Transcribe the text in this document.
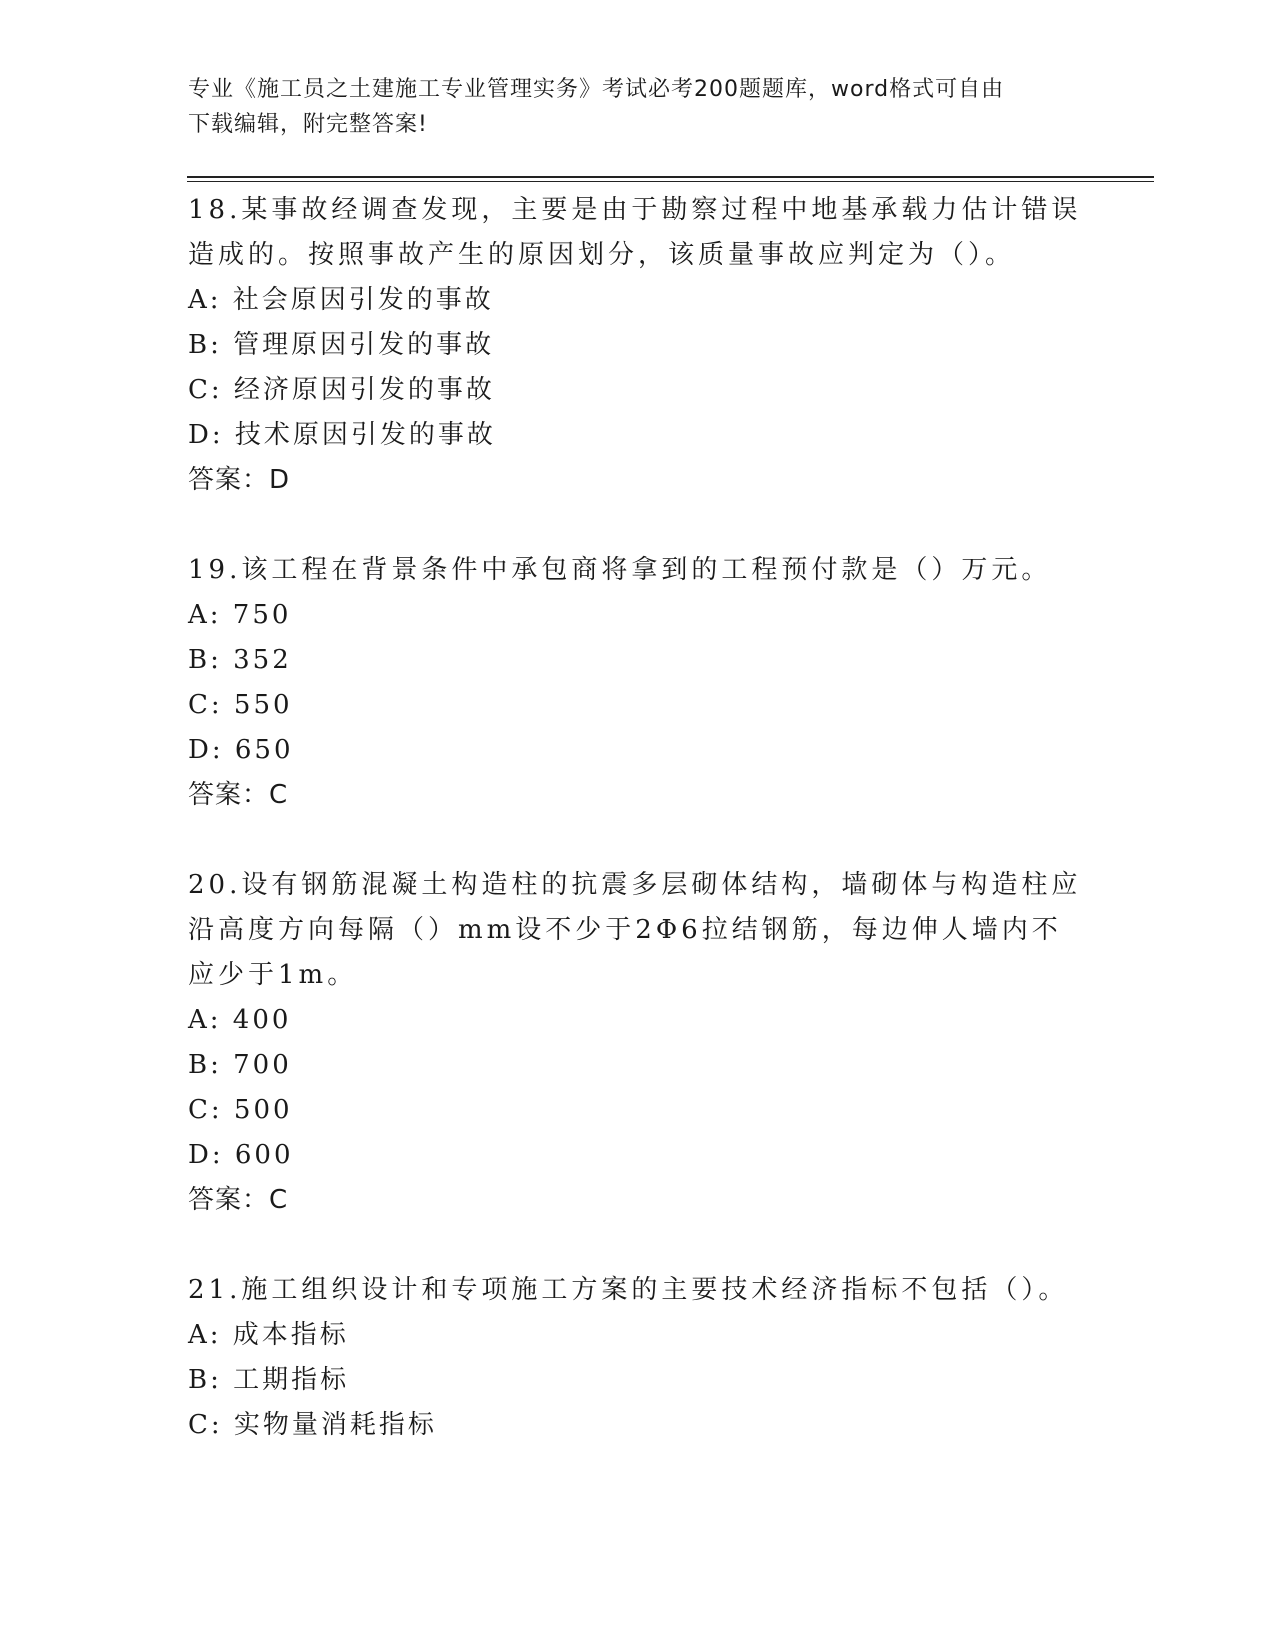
专业《施工员之土建施工专业管理实务》考试必考200题题库，word格式可自由
下载编辑，附完整答案!

18.某事故经调查发现，主要是由于勘察过程中地基承载力估计错误造成的。按照事故产生的原因划分，该质量事故应判定为（）。

A: 社会原因引发的事故

B: 管理原因引发的事故

C: 经济原因引发的事故

D: 技术原因引发的事故

答案：D

19.该工程在背景条件中承包商将拿到的工程预付款是（）万元。

A: 750

B: 352

C: 550

D: 650

答案：C

20.设有钢筋混凝土构造柱的抗震多层砌体结构，墙砌体与构造柱应沿高度方向每隔（）mm设不少于2Φ6拉结钢筋，每边伸人墙内不应少于1m。

A: 400

B: 700

C: 500

D: 600

答案：C

21.施工组织设计和专项施工方案的主要技术经济指标不包括（）。

A: 成本指标

B: 工期指标

C: 实物量消耗指标
